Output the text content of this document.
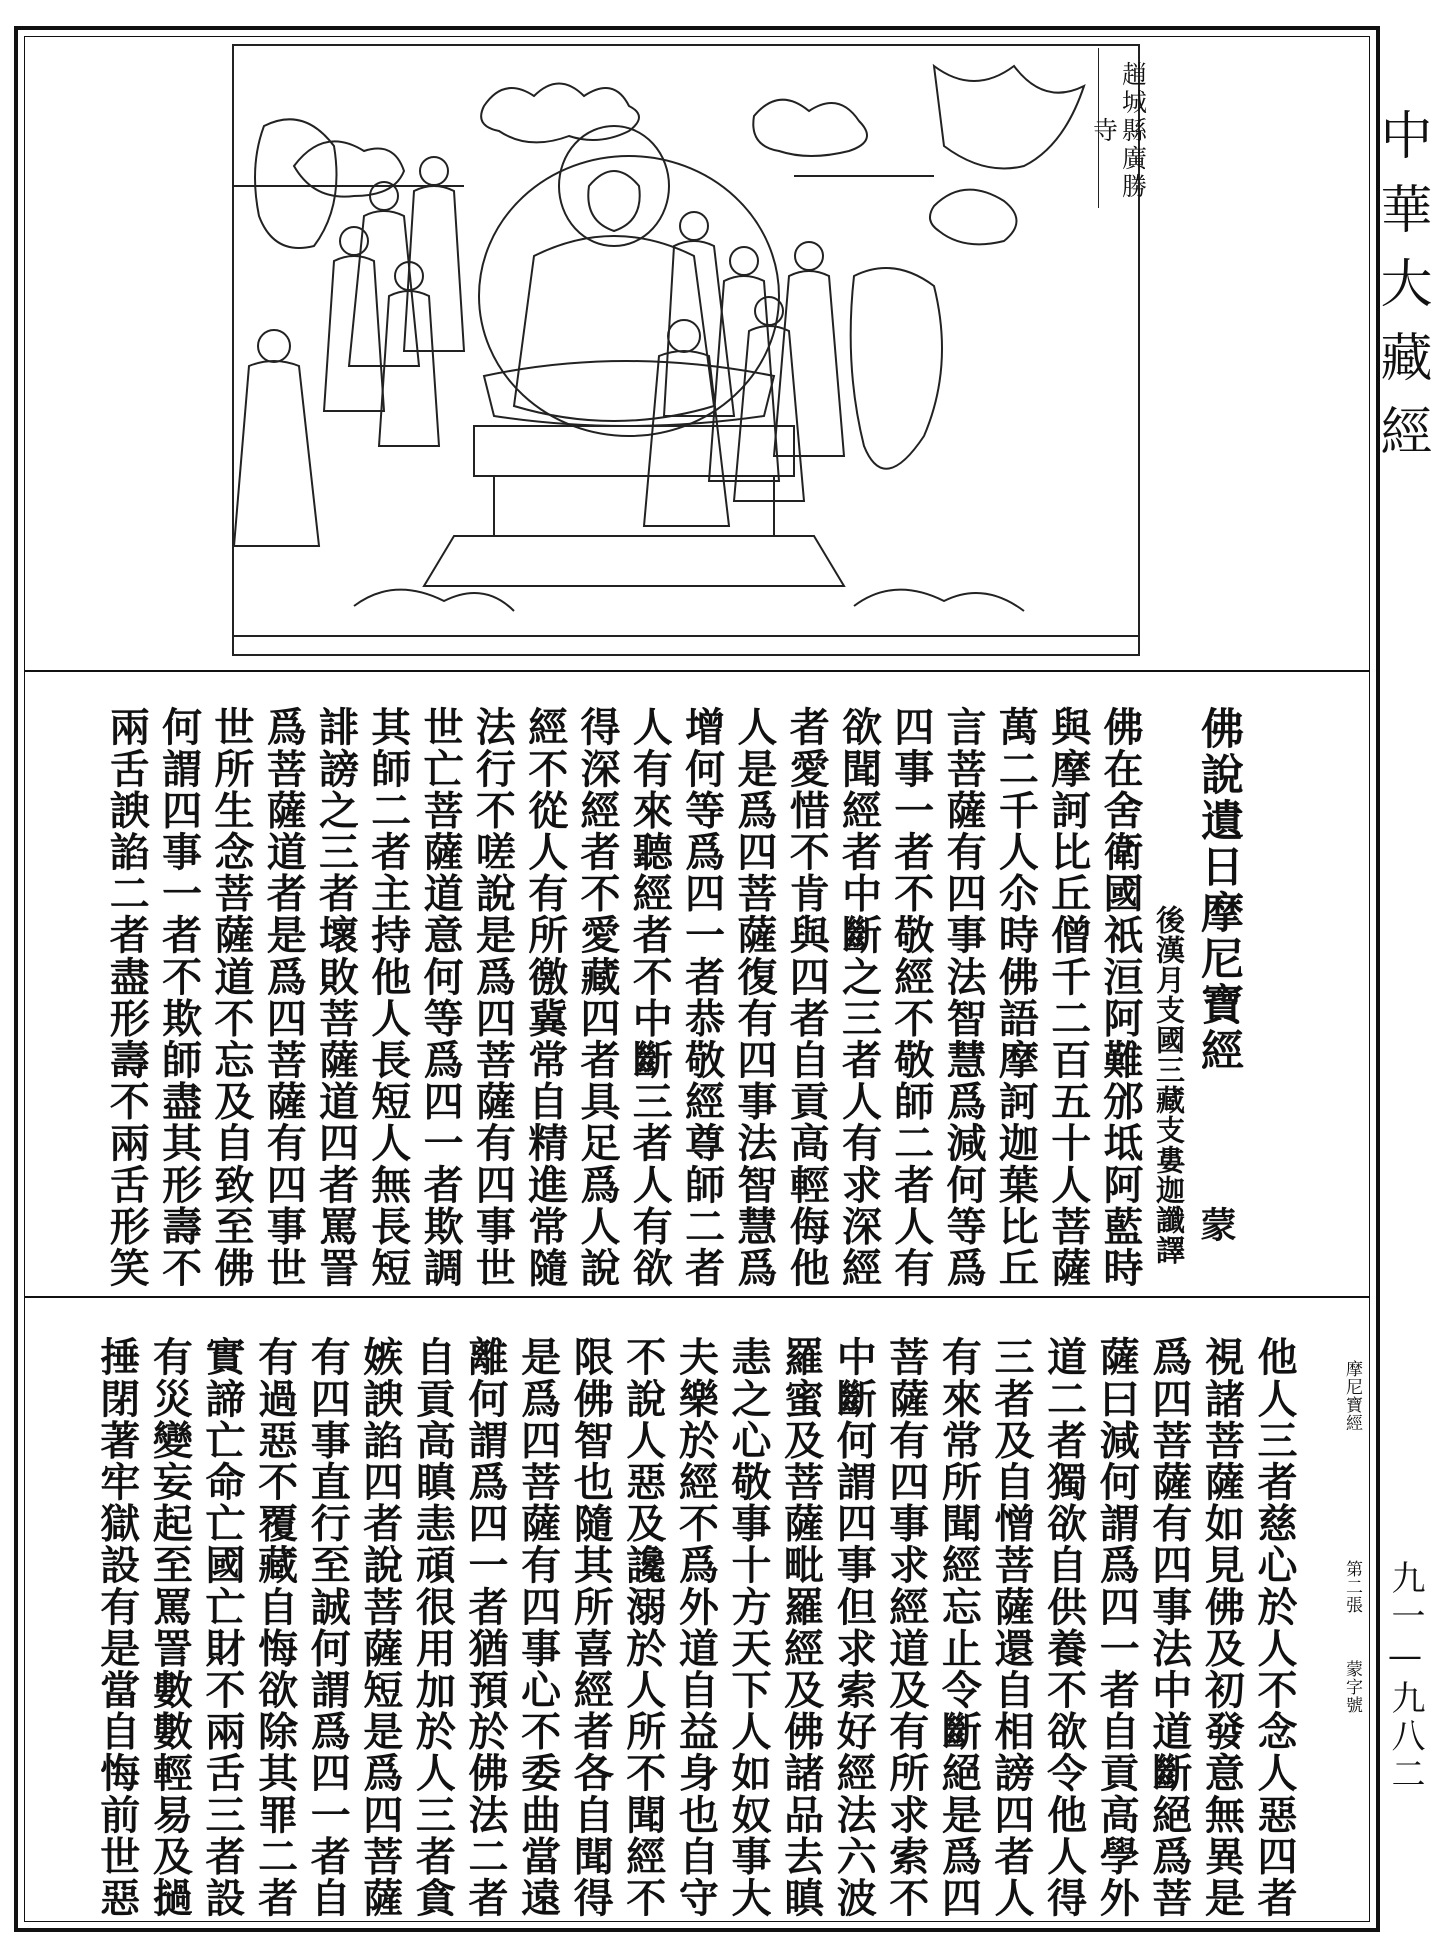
趙城縣廣勝寺	中華大藏經
九一—九八二
摩尼寶經
第二張
蒙字號
佛說遺日摩尼寶經
後漢月支國三藏支婁迦讖譯 蒙
佛在舍衛國祇洹阿難邠坻阿藍時
與摩訶比丘僧千二百五十人菩薩
萬二千人尒時佛語摩訶迦葉比丘
言菩薩有四事法智慧爲減何等爲
四事一者不敬經不敬師二者人有
欲聞經者中斷之三者人有求深經
者愛惜不肯與四者自貢高輕侮他
人是爲四菩薩復有四事法智慧爲
增何等爲四一者恭敬經尊師二者
人有來聽經者不中斷三者人有欲
得深經者不愛藏四者具足爲人說
經不從人有所徼冀常自精進常隨
法行不嗟說是爲四菩薩有四事世
世亡菩薩道意何等爲四一者欺調
其師二者主持他人長短人無長短
誹謗之三者壞敗菩薩道四者罵詈
爲菩薩道者是爲四菩薩有四事世
世所生念菩薩道不忘及自致至佛
何謂四事一者不欺師盡其形壽不
兩舌諛諂二者盡形壽不兩舌形笑
他人三者慈心於人不念人惡四者
視諸菩薩如見佛及初發意無異是
爲四菩薩有四事法中道斷絕爲菩
薩曰減何謂爲四一者自貢高學外
道二者獨欲自供養不欲令他人得
三者及自憎菩薩還自相謗四者人
有來常所聞經忘止令斷絕是爲四
菩薩有四事求經道及有所求索不
中斷何謂四事但求索好經法六波
羅蜜及菩薩毗羅經及佛諸品去瞋
恚之心敬事十方天下人如奴事大
夫樂於經不爲外道自益身也自守
不說人惡及讒溺於人所不聞經不
限佛智也隨其所喜經者各自聞得
是爲四菩薩有四事心不委曲當遠
離何謂爲四一者猶預於佛法二者
自貢高瞋恚頑很用加於人三者貪
嫉諛諂四者說菩薩短是爲四菩薩
有四事直行至誠何謂爲四一者自
有過惡不覆藏自悔欲除其罪二者
實諦亡命亡國亡財不兩舌三者設
有災變妄起至罵詈數數輕易及撾
捶閉著牢獄設有是當自悔前世惡
